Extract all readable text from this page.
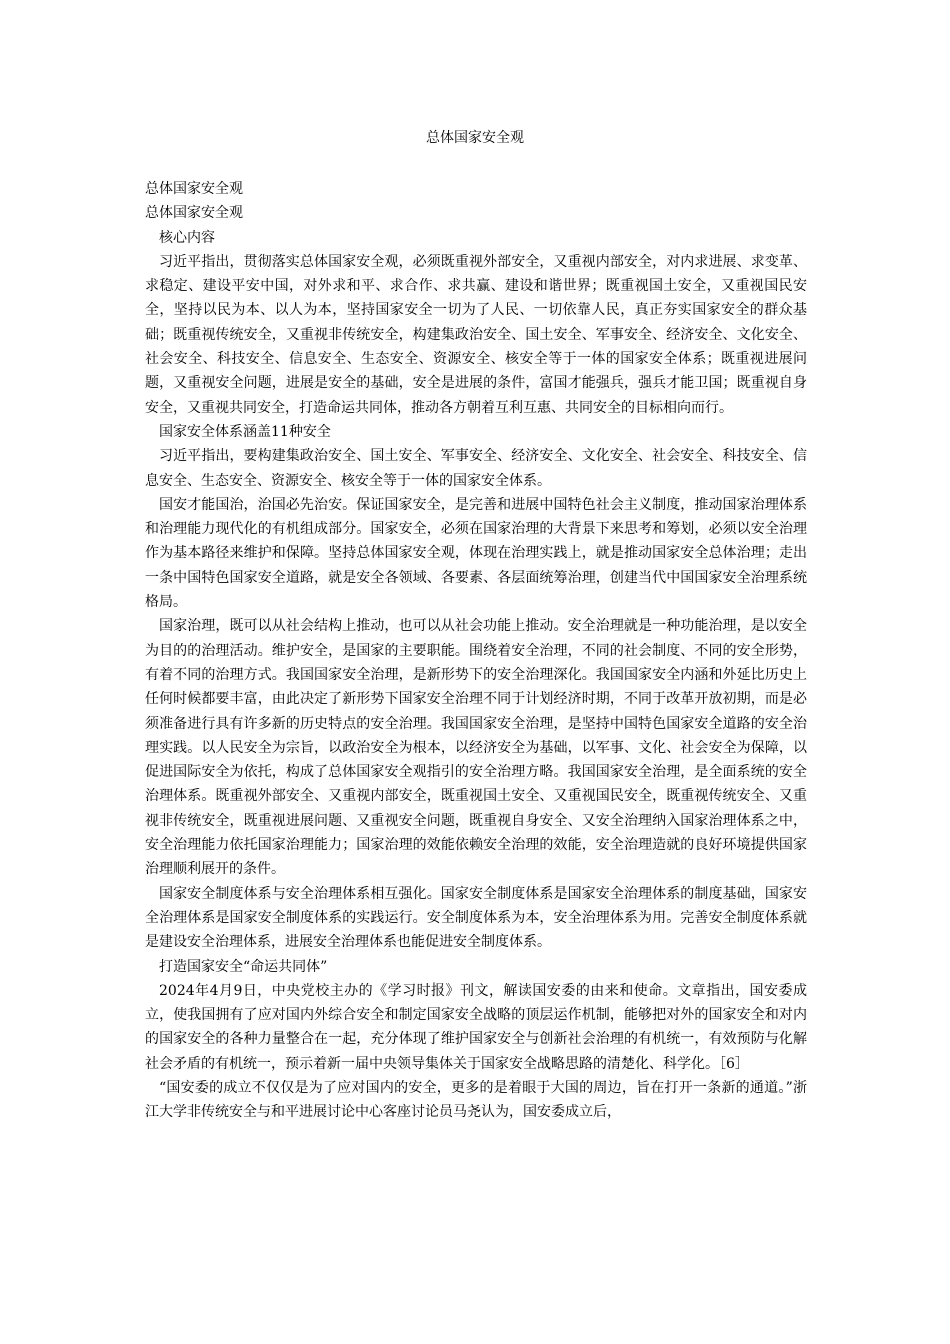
总体国家安全观

总体国家安全观

总体国家安全观

核心内容

习近平指出，贯彻落实总体国家安全观，必须既重视外部安全，又重视内部安全，对内求进展、求变革、求稳定、建设平安中国，对外求和平、求合作、求共赢、建设和谐世界；既重视国土安全，又重视国民安全，坚持以民为本、以人为本，坚持国家安全一切为了人民、一切依靠人民，真正夯实国家安全的群众基础；既重视传统安全，又重视非传统安全，构建集政治安全、国土安全、军事安全、经济安全、文化安全、社会安全、科技安全、信息安全、生态安全、资源安全、核安全等于一体的国家安全体系；既重视进展问题，又重视安全问题，进展是安全的基础，安全是进展的条件，富国才能强兵，强兵才能卫国；既重视自身安全，又重视共同安全，打造命运共同体，推动各方朝着互利互惠、共同安全的目标相向而行。

国家安全体系涵盖11种安全

习近平指出，要构建集政治安全、国土安全、军事安全、经济安全、文化安全、社会安全、科技安全、信息安全、生态安全、资源安全、核安全等于一体的国家安全体系。

国安才能国治，治国必先治安。保证国家安全，是完善和进展中国特色社会主义制度，推动国家治理体系和治理能力现代化的有机组成部分。国家安全，必须在国家治理的大背景下来思考和筹划，必须以安全治理作为基本路径来维护和保障。坚持总体国家安全观，体现在治理实践上，就是推动国家安全总体治理；走出一条中国特色国家安全道路，就是安全各领域、各要素、各层面统筹治理，创建当代中国国家安全治理系统格局。

国家治理，既可以从社会结构上推动，也可以从社会功能上推动。安全治理就是一种功能治理，是以安全为目的的治理活动。维护安全，是国家的主要职能。围绕着安全治理，不同的社会制度、不同的安全形势，有着不同的治理方式。我国国家安全治理，是新形势下的安全治理深化。我国国家安全内涵和外延比历史上任何时候都要丰富，由此决定了新形势下国家安全治理不同于计划经济时期，不同于改革开放初期，而是必须准备进行具有许多新的历史特点的安全治理。我国国家安全治理，是坚持中国特色国家安全道路的安全治理实践。以人民安全为宗旨，以政治安全为根本，以经济安全为基础，以军事、文化、社会安全为保障，以促进国际安全为依托，构成了总体国家安全观指引的安全治理方略。我国国家安全治理，是全面系统的安全治理体系。既重视外部安全、又重视内部安全，既重视国土安全、又重视国民安全，既重视传统安全、又重视非传统安全，既重视进展问题、又重视安全问题，既重视自身安全、又安全治理纳入国家治理体系之中，安全治理能力依托国家治理能力；国家治理的效能依赖安全治理的效能，安全治理造就的良好环境提供国家治理顺利展开的条件。

国家安全制度体系与安全治理体系相互强化。国家安全制度体系是国家安全治理体系的制度基础，国家安全治理体系是国家安全制度体系的实践运行。安全制度体系为本，安全治理体系为用。完善安全制度体系就是建设安全治理体系，进展安全治理体系也能促进安全制度体系。

打造国家安全“命运共同体”

2024年4月9日，中央党校主办的《学习时报》刊文，解读国安委的由来和使命。文章指出，国安委成立，使我国拥有了应对国内外综合安全和制定国家安全战略的顶层运作机制，能够把对外的国家安全和对内的国家安全的各种力量整合在一起，充分体现了维护国家安全与创新社会治理的有机统一，有效预防与化解社会矛盾的有机统一，预示着新一届中央领导集体关于国家安全战略思路的清楚化、科学化。［6］

“国安委的成立不仅仅是为了应对国内的安全，更多的是着眼于大国的周边，旨在打开一条新的通道。”浙江大学非传统安全与和平进展讨论中心客座讨论员马尧认为，国安委成立后，
